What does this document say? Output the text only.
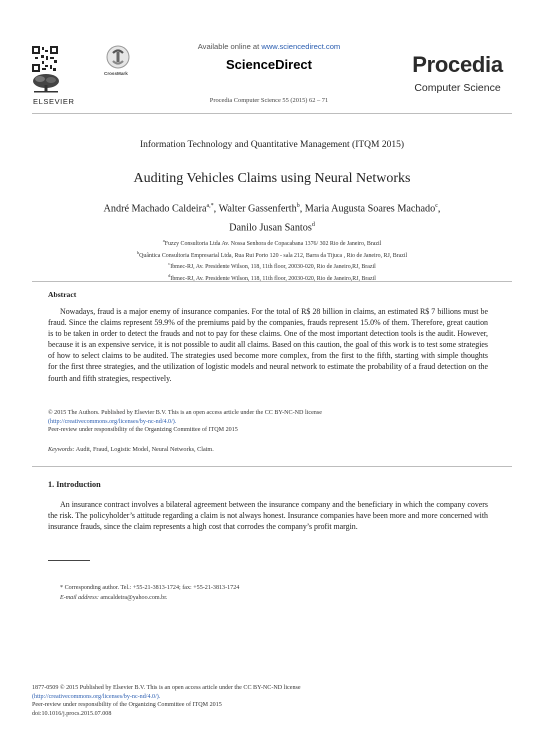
ELSEVIER
CrossMark
Available online at www.sciencedirect.com
ScienceDirect
Procedia Computer Science 55 (2015) 62 – 71
Procedia
Computer Science
Information Technology and Quantitative Management (ITQM 2015)
Auditing Vehicles Claims using Neural Networks
André Machado Caldeira$^{a,*}$, Walter Gassenferth$^b$, Maria Augusta Soares Machado$^c$,
Danilo Jusan Santos$^d$
$^a$Fuzzy Consultoria Ltda Av. Nossa Senhora de Copacabana 1376/ 302 Rio de Janeiro, Brazil
$^b$Quântica Consultoria Empresarial Ltda, Rua Rui Porto 120 - sala 212, Barra da Tijuca , Rio de Janeiro, RJ, Brazil
$^c$Ibmec-RJ, Av. Presidente Wilson, 118, 11th floor, 20030-020, Rio de Janeiro,RJ, Brazil
$^d$Ibmec-RJ, Av. Presidente Wilson, 118, 11th floor, 20030-020, Rio de Janeiro,RJ, Brazil
Abstract
Nowadays, fraud is a major enemy of insurance companies. For the total of R$ 28 billion in claims, an estimated R$ 7 billions must be fraud. Since the claims represent 59.9% of the premiums paid by the companies, frauds represent 15.0% of them. Therefore, great caution is to be taken in order to detect the frauds and not to pay for these claims. One of the most important detection tools is the audit. However, because it is an expensive service, it is not possible to audit all claims. Based on this caution, the goal of this work is to test some strategies of how to select claims to be audited. The strategies used become more complex, from the first to the fifth, starting with simple thoughts for the first three strategies, and the utilization of logistic models and neural network to estimate the probability of a fraud detection on the fourth and fifth strategies, respectively.
© 2015 The Authors. Published by Elsevier B.V. This is an open access article under the CC BY-NC-ND license
(http://creativecommons.org/licenses/by-nc-nd/4.0/).
Peer-review under responsibility of the Organizing Committee of ITQM 2015
Keywords: Audit, Fraud, Logistic Model, Neural Networks, Claim.
1. Introduction
An insurance contract involves a bilateral agreement between the insurance company and the beneficiary in which the company covers the risk. The policyholder’s attitude regarding a claim is not always honest. Insurance companies have been more and more concerned with insurance frauds, since the claim represents a high cost that corrodes the company’s profit margin.
* Corresponding author. Tel.: +55-21-3813-1724; fax: +55-21-3813-1724
E-mail address: amcaldeira@yahoo.com.br.
1877-0509 © 2015 Published by Elsevier B.V. This is an open access article under the CC BY-NC-ND license
(http://creativecommons.org/licenses/by-nc-nd/4.0/).
Peer-review under responsibility of the Organizing Committee of ITQM 2015
doi:10.1016/j.procs.2015.07.008
